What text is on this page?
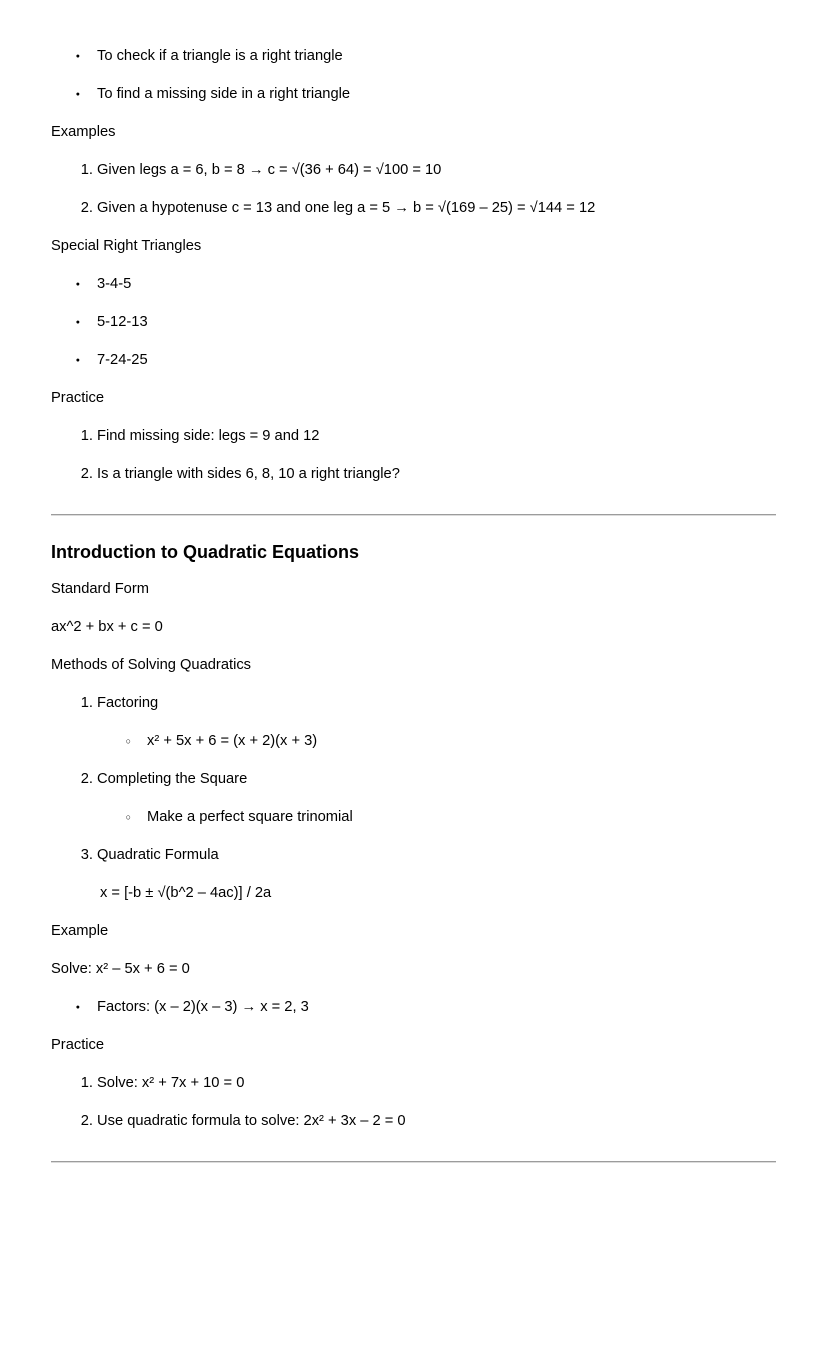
●	To check if a triangle is a right triangle
●	To find a missing side in a right triangle
Examples
1. Given legs a = 6, b = 8 → c = √(36 + 64) = √100 = 10
2. Given a hypotenuse c = 13 and one leg a = 5 → b = √(169 – 25) = √144 = 12
Special Right Triangles
●	3-4-5
●	5-12-13
●	7-24-25
Practice
1. Find missing side: legs = 9 and 12
2. Is a triangle with sides 6, 8, 10 a right triangle?
Introduction to Quadratic Equations
Standard Form
ax^2 + bx + c = 0
Methods of Solving Quadratics
1. Factoring
○	x² + 5x + 6 = (x + 2)(x + 3)
2. Completing the Square
○	Make a perfect square trinomial
3. Quadratic Formula
x = [-b ± √(b^2 – 4ac)] / 2a
Example
Solve: x² – 5x + 6 = 0
●	Factors: (x – 2)(x – 3) → x = 2, 3
Practice
1. Solve: x² + 7x + 10 = 0
2. Use quadratic formula to solve: 2x² + 3x – 2 = 0
